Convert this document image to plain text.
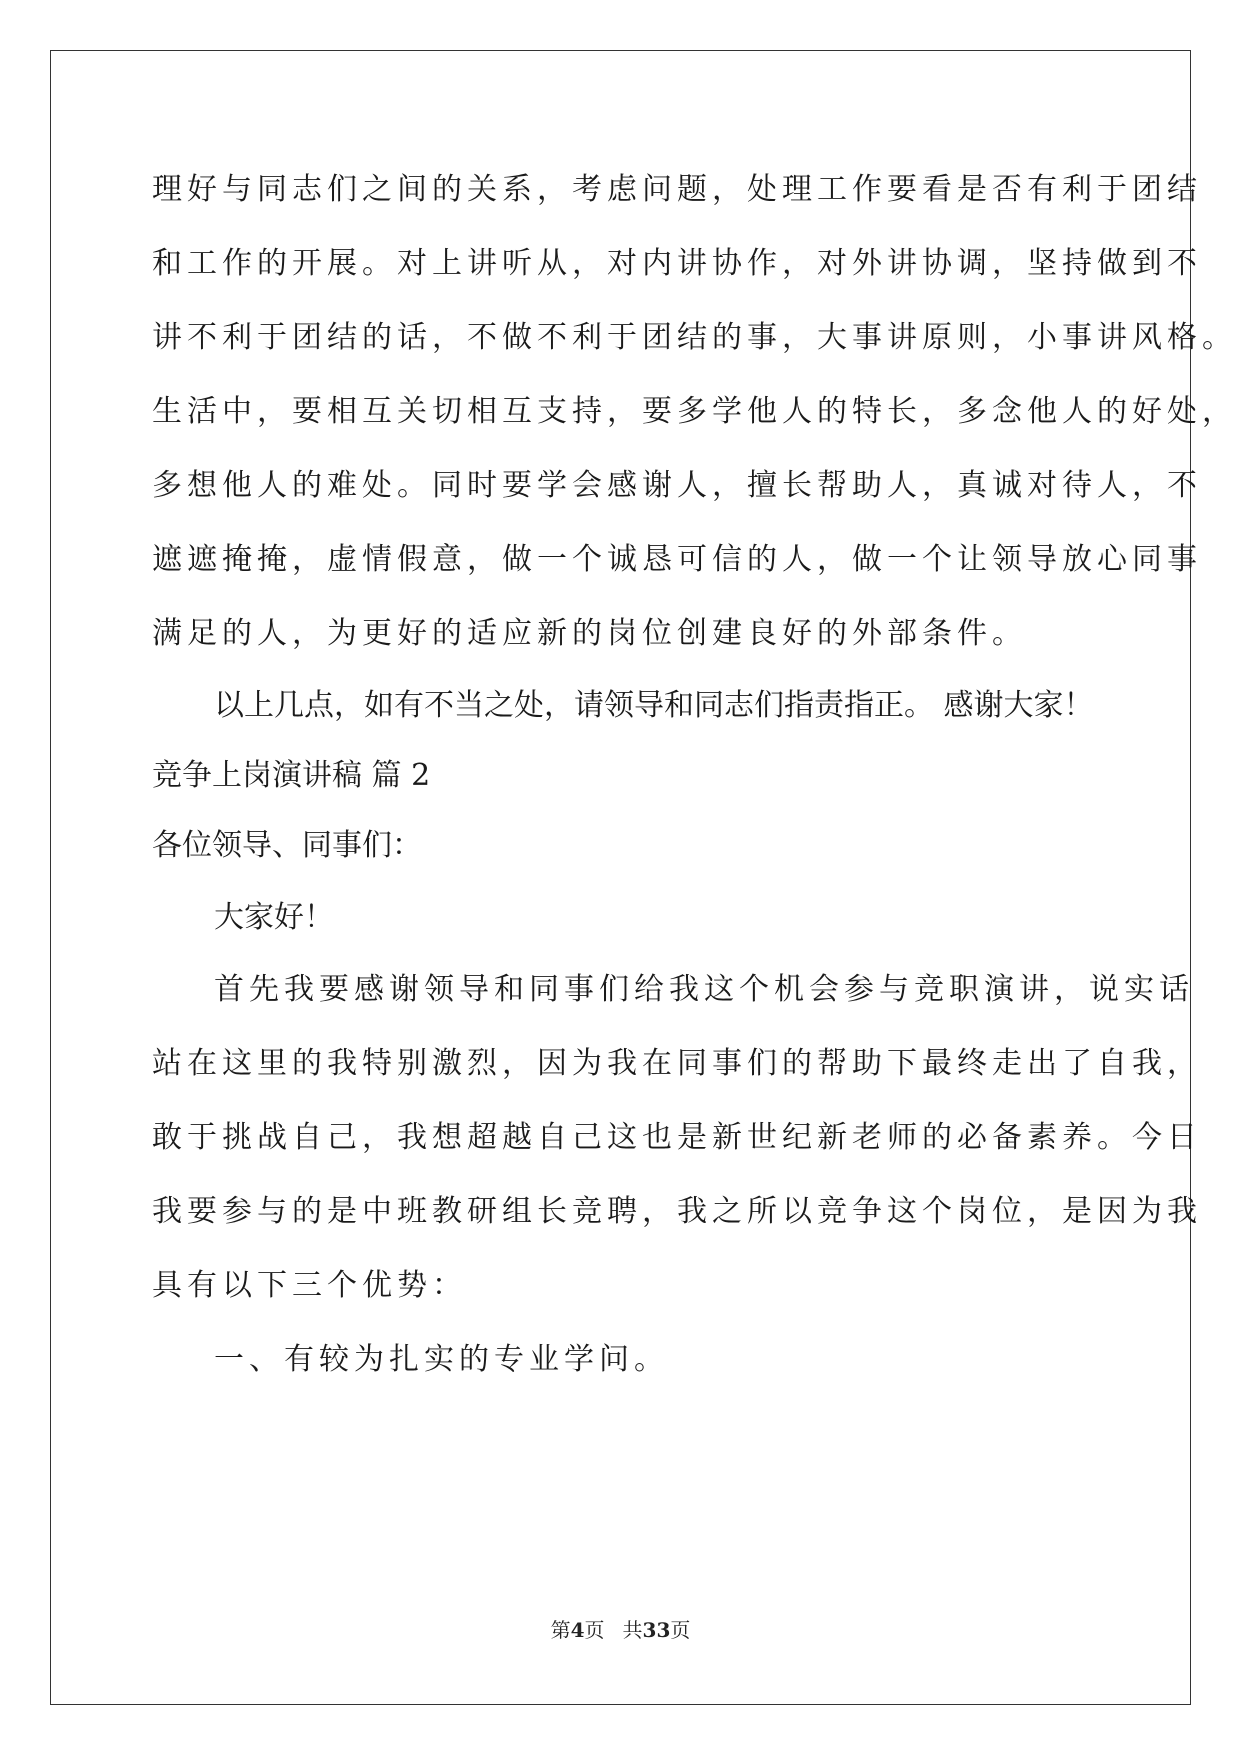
理好与同志们之间的关系，考虑问题，处理工作要看是否有利于团结
和工作的开展。对上讲听从，对内讲协作，对外讲协调，坚持做到不
讲不利于团结的话，不做不利于团结的事，大事讲原则，小事讲风格。
生活中，要相互关切相互支持，要多学他人的特长，多念他人的好处，
多想他人的难处。同时要学会感谢人，擅长帮助人，真诚对待人，不
遮遮掩掩，虚情假意，做一个诚恳可信的人，做一个让领导放心同事
满足的人，为更好的适应新的岗位创建良好的外部条件。
以上几点，如有不当之处，请领导和同志们指责指正。 感谢大家！
竞争上岗演讲稿 篇 2
各位领导、同事们：
大家好！
首先我要感谢领导和同事们给我这个机会参与竞职演讲，说实话
站在这里的我特别激烈，因为我在同事们的帮助下最终走出了自我，
敢于挑战自己，我想超越自己这也是新世纪新老师的必备素养。今日
我要参与的是中班教研组长竞聘，我之所以竞争这个岗位，是因为我
具有以下三个优势：
一、有较为扎实的专业学问。
第4页 共33页
